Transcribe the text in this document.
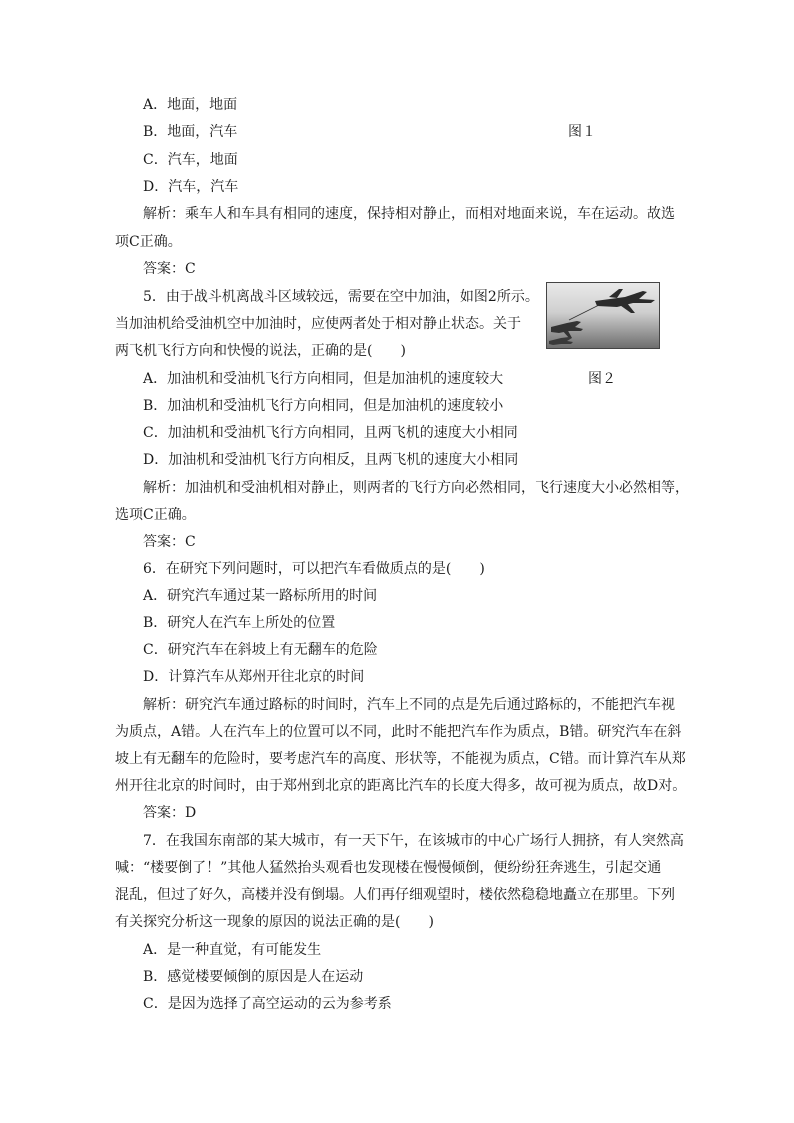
A．地面，地面
B．地面，汽车	图１
C．汽车，地面
D．汽车，汽车
解析：乘车人和车具有相同的速度，保持相对静止，而相对地面来说，车在运动。故选
项C正确。
答案：C
5．由于战斗机离战斗区域较远，需要在空中加油，如图2所示。
当加油机给受油机空中加油时，应使两者处于相对静止状态。关于
两飞机飞行方向和快慢的说法，正确的是(　　)
A．加油机和受油机飞行方向相同，但是加油机的速度较大	图２
B．加油机和受油机飞行方向相同，但是加油机的速度较小
C．加油机和受油机飞行方向相同，且两飞机的速度大小相同
D．加油机和受油机飞行方向相反，且两飞机的速度大小相同
解析：加油机和受油机相对静止，则两者的飞行方向必然相同，飞行速度大小必然相等，
选项C正确。
答案：C
6．在研究下列问题时，可以把汽车看做质点的是(　　)
A．研究汽车通过某一路标所用的时间
B．研究人在汽车上所处的位置
C．研究汽车在斜坡上有无翻车的危险
D．计算汽车从郑州开往北京的时间
解析：研究汽车通过路标的时间时，汽车上不同的点是先后通过路标的，不能把汽车视
为质点，A错。人在汽车上的位置可以不同，此时不能把汽车作为质点，B错。研究汽车在斜
坡上有无翻车的危险时，要考虑汽车的高度、形状等，不能视为质点，C错。而计算汽车从郑
州开往北京的时间时，由于郑州到北京的距离比汽车的长度大得多，故可视为质点，故D对。
答案：D
7．在我国东南部的某大城市，有一天下午，在该城市的中心广场行人拥挤，有人突然高
喊：“楼要倒了！”其他人猛然抬头观看也发现楼在慢慢倾倒，便纷纷狂奔逃生，引起交通
混乱，但过了好久，高楼并没有倒塌。人们再仔细观望时，楼依然稳稳地矗立在那里。下列
有关探究分析这一现象的原因的说法正确的是(　　)
A．是一种直觉，有可能发生
B．感觉楼要倾倒的原因是人在运动
C．是因为选择了高空运动的云为参考系
